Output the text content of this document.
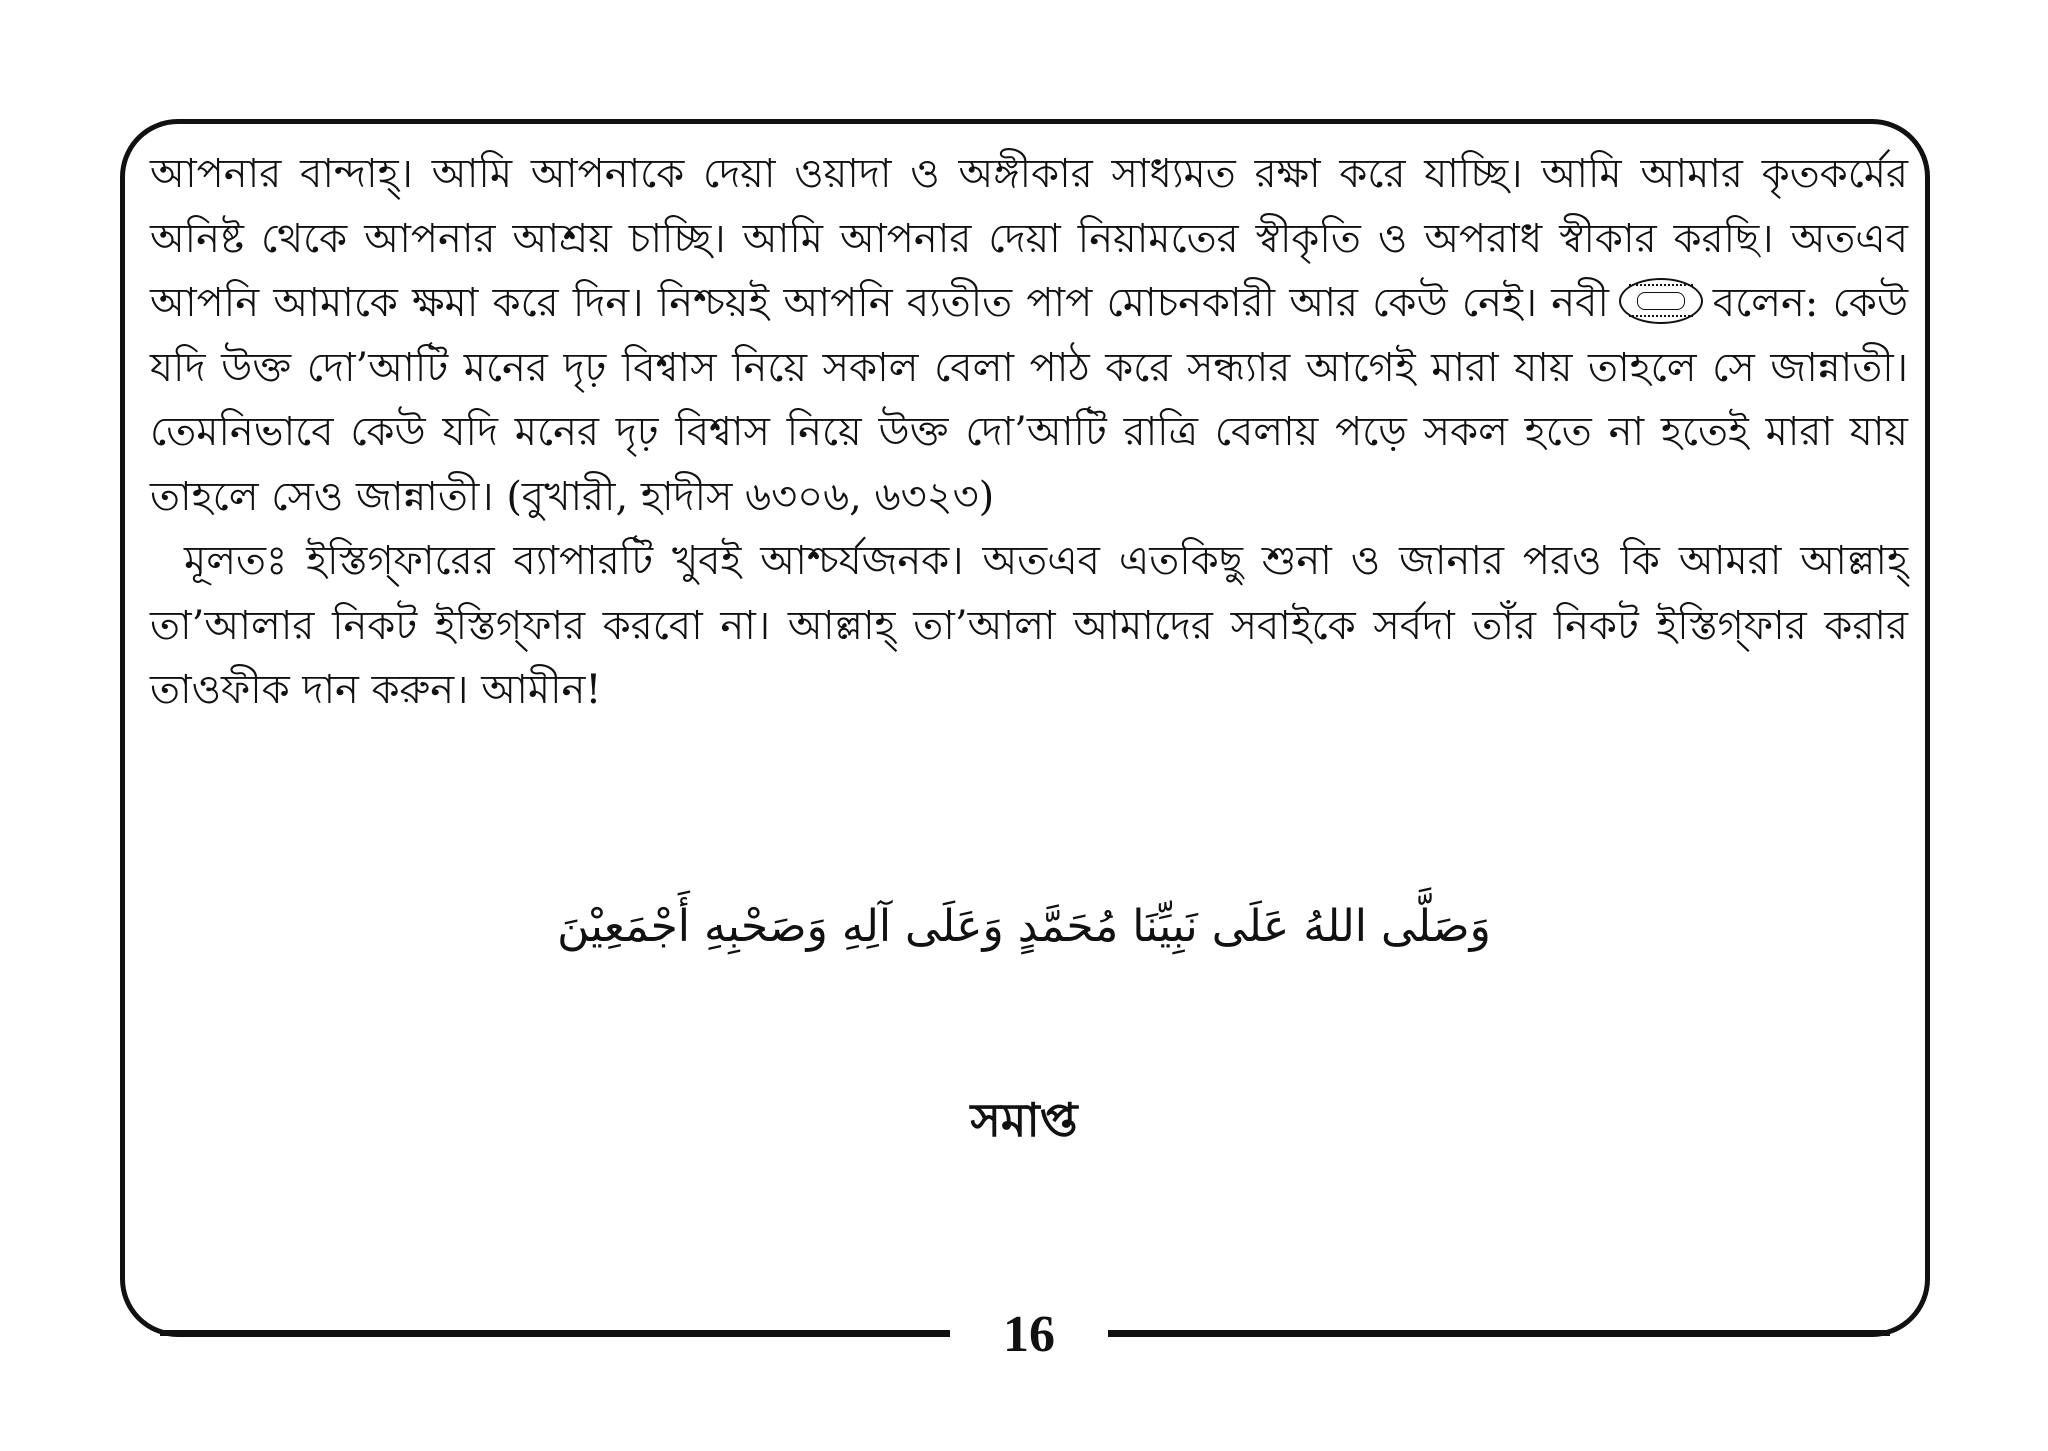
আপনার বান্দাহ্‌। আমি আপনাকে দেয়া ওয়াদা ও অঙ্গীকার সাধ্যমত রক্ষা করে যাচ্ছি। আমি আমার কৃতকর্মের অনিষ্ট থেকে আপনার আশ্রয় চাচ্ছি। আমি আপনার দেয়া নিয়ামতের স্বীকৃতি ও অপরাধ স্বীকার করছি। অতএব আপনি আমাকে ক্ষমা করে দিন। নিশ্চয়ই আপনি ব্যতীত পাপ মোচনকারী আর কেউ নেই। নবী	বলেন: কেউ যদি উক্ত দো’আটি মনের দৃঢ় বিশ্বাস নিয়ে সকাল বেলা পাঠ করে সন্ধ্যার আগেই মারা যায় তাহলে সে জান্নাতী। তেমনিভাবে কেউ যদি মনের দৃঢ় বিশ্বাস নিয়ে উক্ত দো’আটি রাত্রি বেলায় পড়ে সকল হতে না হতেই মারা যায় তাহলে সেও জান্নাতী। (বুখারী, হাদীস ৬৩০৬, ৬৩২৩)

মূলতঃ ইস্তিগ্‌ফারের ব্যাপারটি খুবই আশ্চর্যজনক। অতএব এতকিছু শুনা ও জানার পরও কি আমরা আল্লাহ্‌ তা’আলার নিকট ইস্তিগ্‌ফার করবো না। আল্লাহ্‌ তা’আলা আমাদের সবাইকে সর্বদা তাঁর নিকট ইস্তিগ্‌ফার করার তাওফীক দান করুন। আমীন!

وَصَلَّى اللهُ عَلَى نَبِيِّنَا مُحَمَّدٍ وَعَلَى آلِهِ وَصَحْبِهِ أَجْمَعِيْنَ
সমাপ্ত
16
